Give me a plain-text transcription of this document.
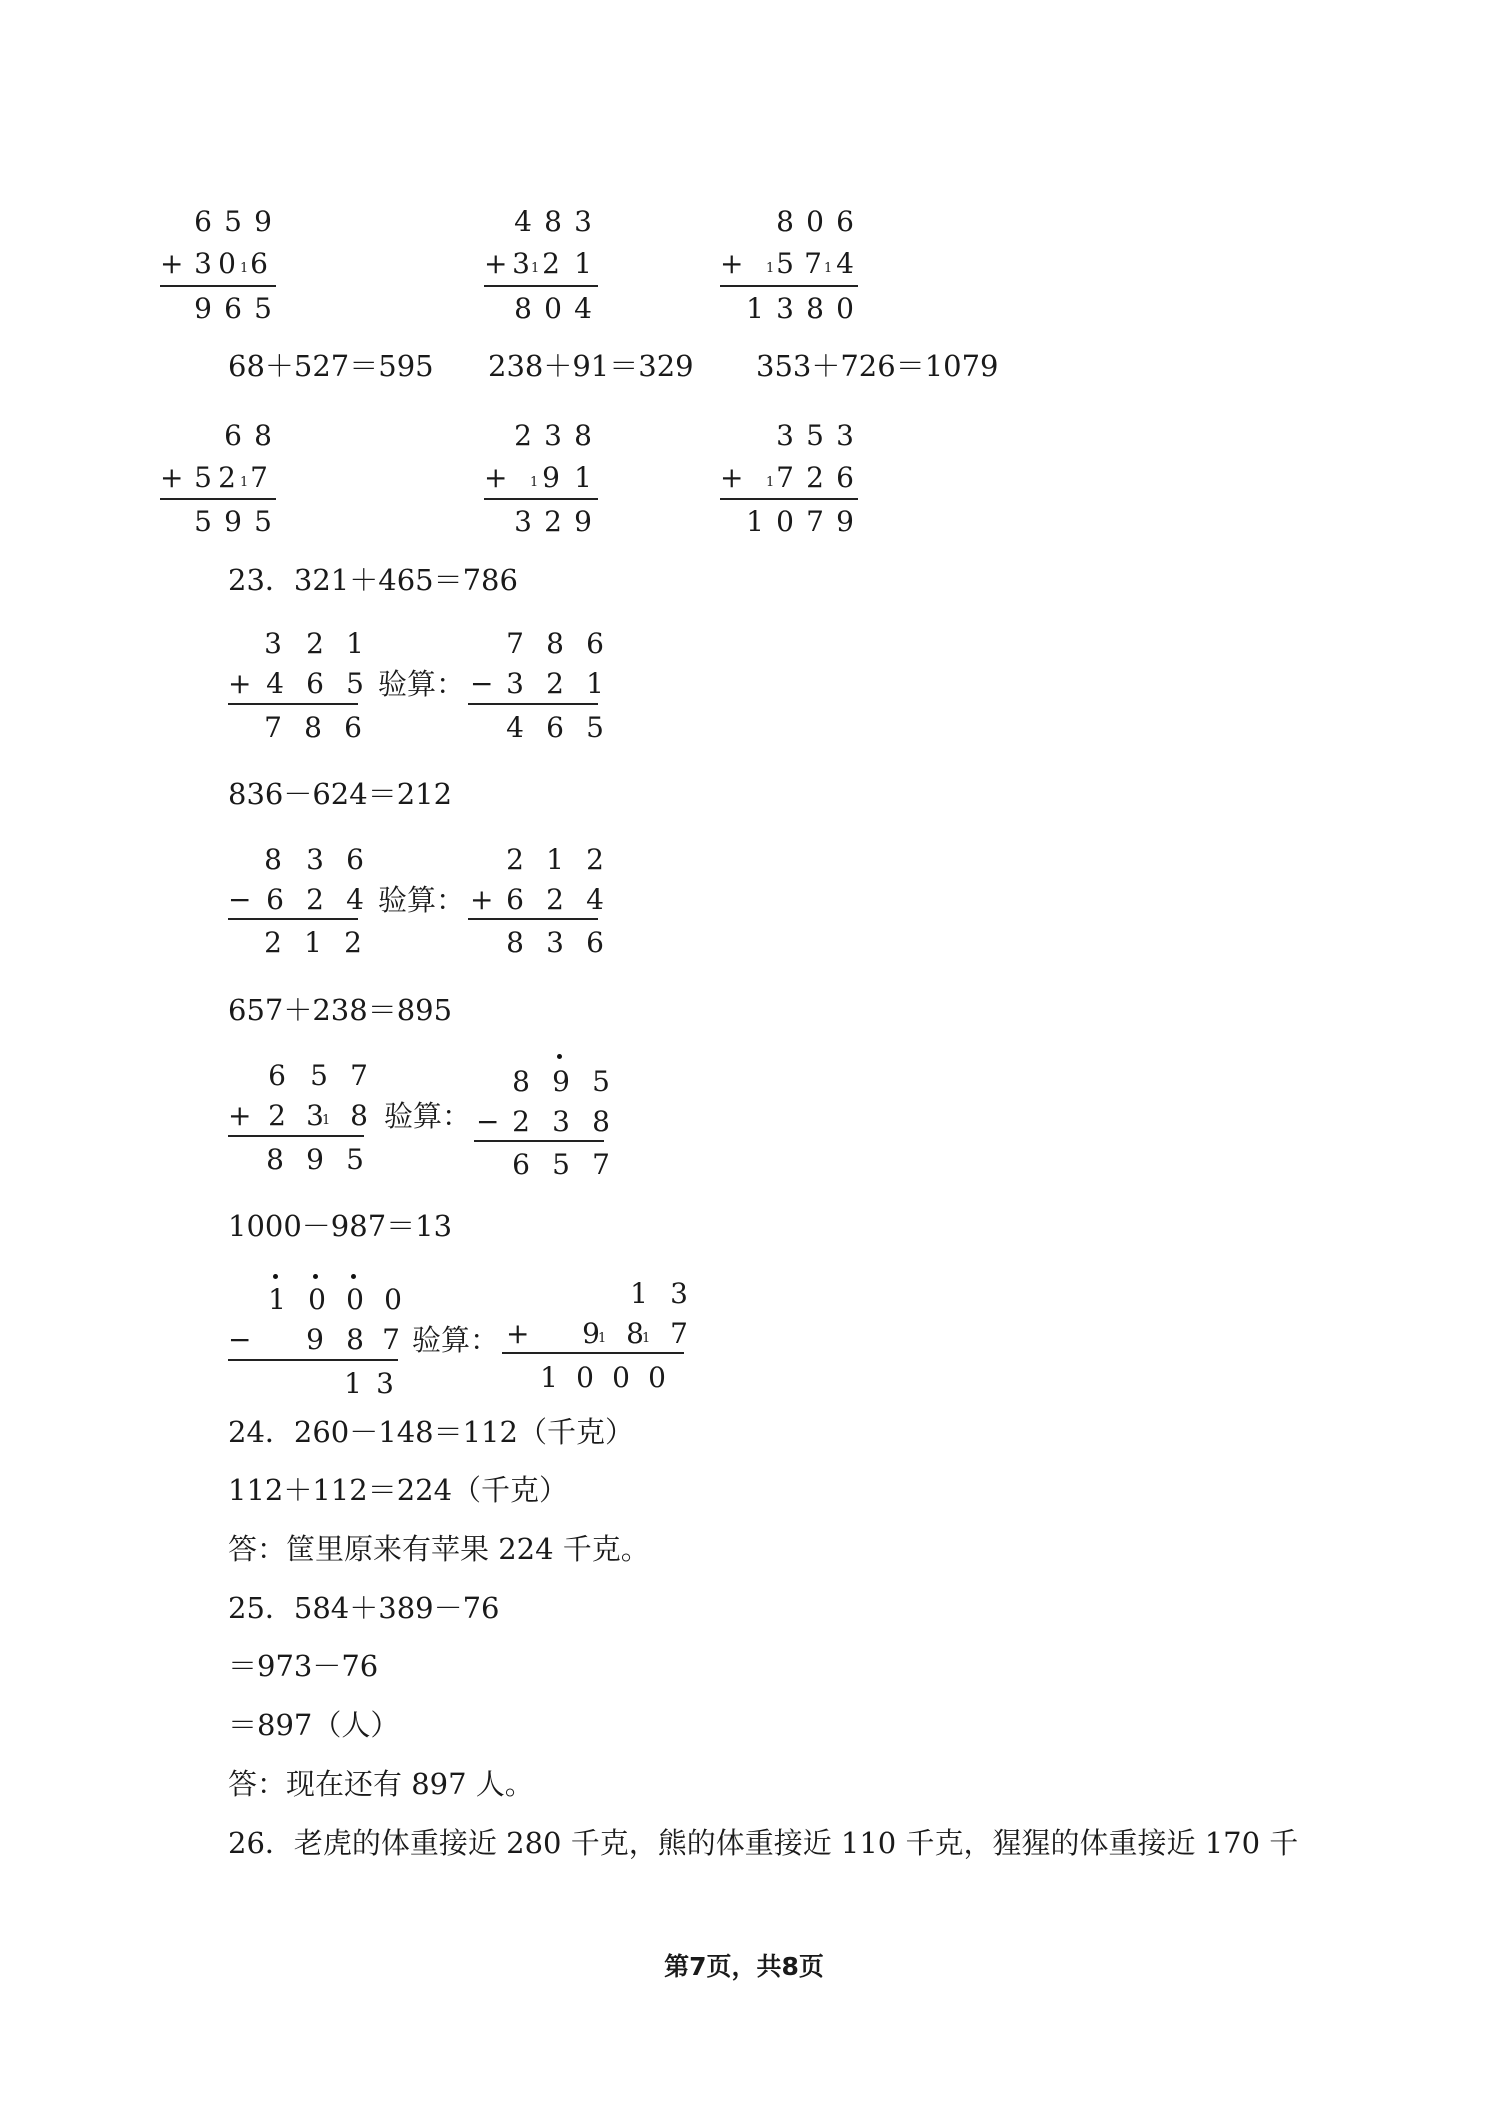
6 5 9
+ 3 0 1 6
9 6 5
4 8 3
+ 3 1 2 1
8 0 4
8 0 6
+ 1 5 7 1 4
1 3 8 0
68＋527＝595 238＋91＝329 353＋726＝1079
6 8
+ 5 2 1 7
5 9 5
2 3 8
+ 1 9 1
3 2 9
3 5 3
+ 1 7 2 6
1 0 7 9
23．321＋465＝786
3 2 1
+ 4 6 5
7 8 6
验算：
7 8 6
− 3 2 1
4 6 5
836－624＝212
8 3 6
− 6 2 4
2 1 2
验算：
2 1 2
+ 6 2 4
8 3 6
657＋238＝895
6 5 7
+ 2 3
1 8
8 9 5
验算：
8 9 5
− 2 3 8
6 5 7
1000－987＝13
1 0 0 0
− 9 8 7
1 3
验算：
1 3
+ 9
1 8
1 7
1 0 0 0
24．260－148＝112（千克）
112＋112＝224（千克）
答：筐里原来有苹果 224 千克。
25．584＋389－76
＝973－76
＝897（人）
答：现在还有 897 人。
26．老虎的体重接近 280 千克，熊的体重接近 110 千克，猩猩的体重接近 170 千
第7页，共8页
